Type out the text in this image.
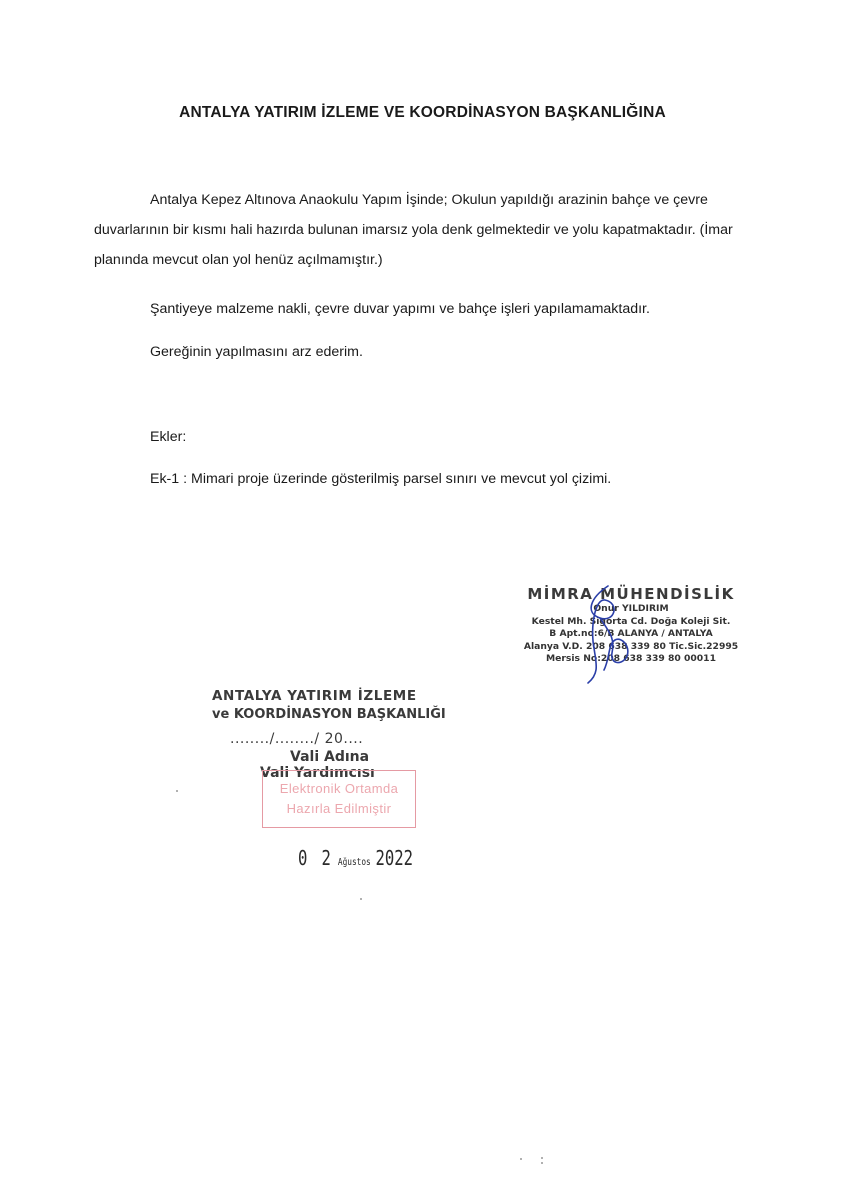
ANTALYA YATIRIM İZLEME VE KOORDİNASYON BAŞKANLIĞINA
Antalya Kepez Altınova Anaokulu Yapım İşinde; Okulun yapıldığı arazinin bahçe ve çevre duvarlarının bir kısmı hali hazırda bulunan imarsız yola denk gelmektedir ve yolu kapatmaktadır. (İmar planında mevcut olan yol henüz açılmamıştır.)
Şantiyeye malzeme nakli, çevre duvar yapımı ve bahçe işleri yapılamamaktadır.
Gereğinin yapılmasını arz ederim.
Ekler:
Ek-1 : Mimari proje üzerinde gösterilmiş parsel sınırı ve mevcut yol çizimi.
MİMRA MÜHENDİSLİK
Onur YILDIRIM
Kestel Mh. Sigorta Cd. Doğa Koleji Sit.
B Apt.no:6/B ALANYA / ANTALYA
Alanya V.D. 208 638 339 80 Tic.Sic.22995
Mersis No:208 638 339 80 00011
ANTALYA YATIRIM İZLEME
ve KOORDİNASYON BAŞKANLIĞI
......../......../ 20....
Vali Adına
Vali Yardımcısı
Elektronik Ortamda
Hazırla Edilmiştir
0 2 Ağustos 2022
